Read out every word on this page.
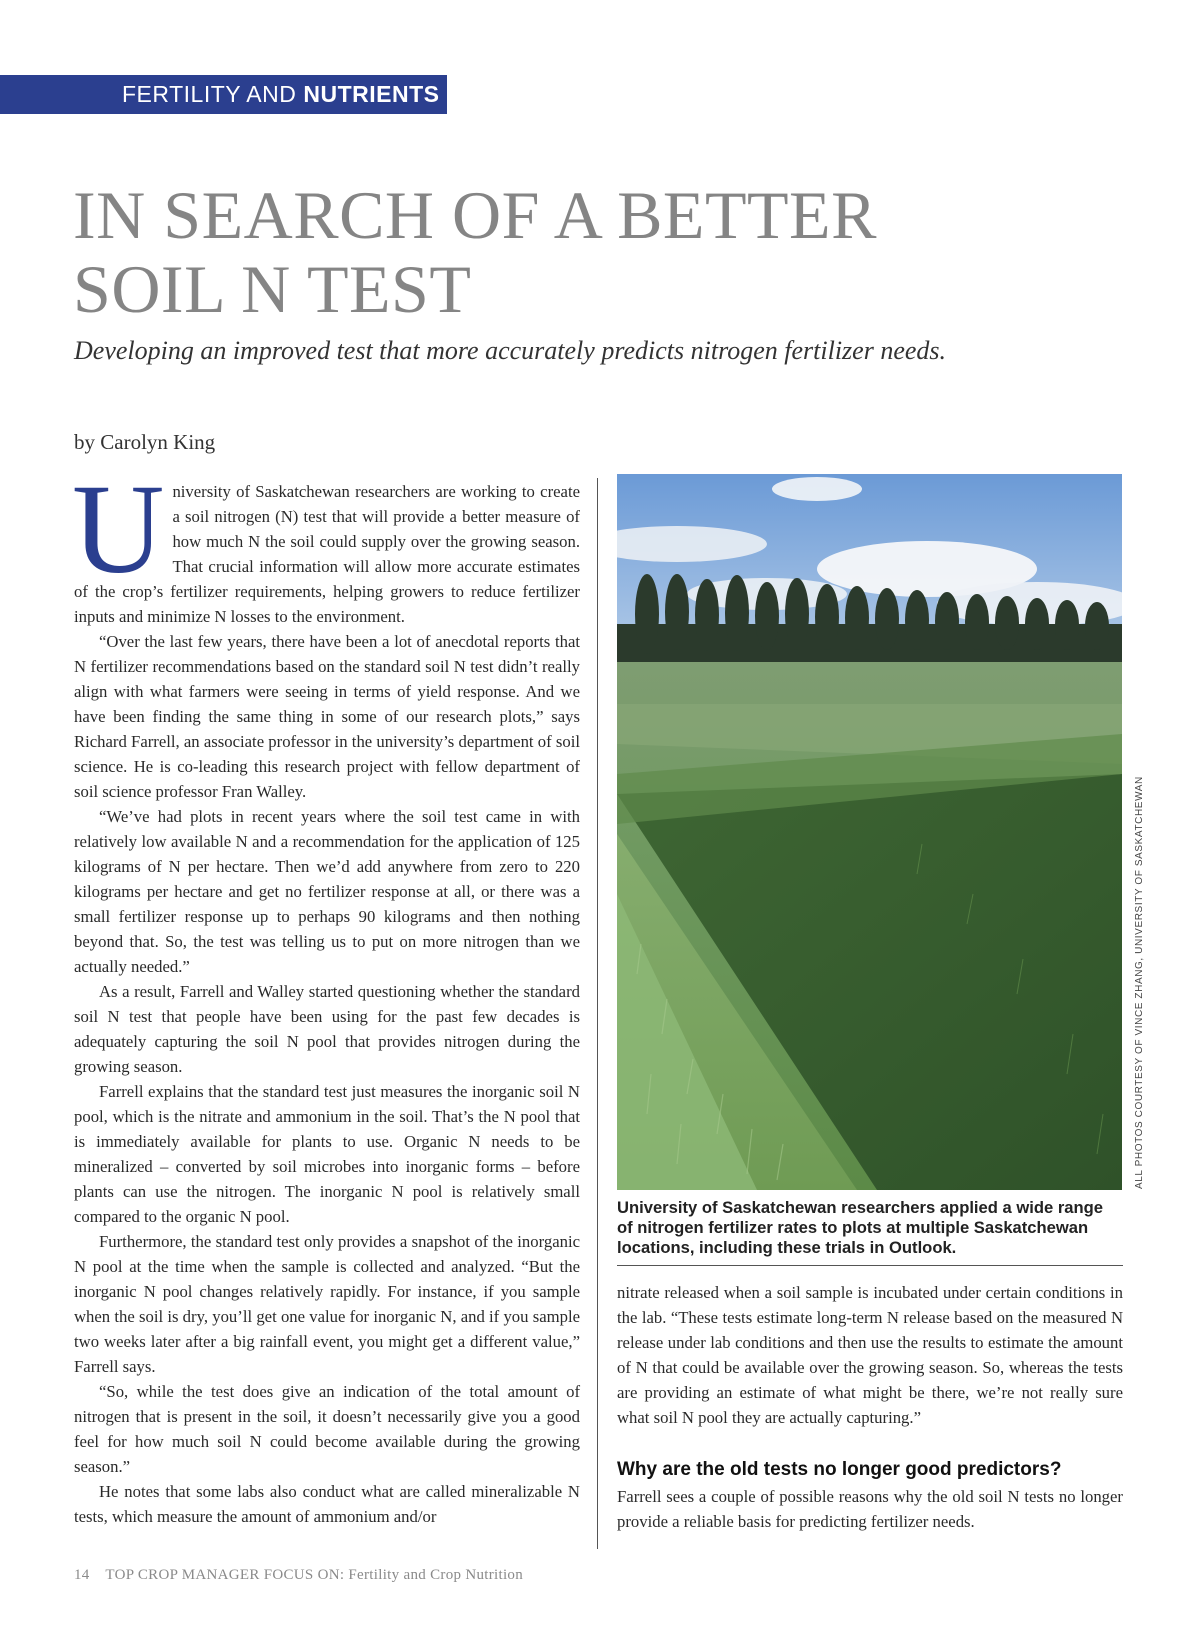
FERTILITY AND NUTRIENTS
IN SEARCH OF A BETTER
SOIL N TEST

Developing an improved test that more accurately predicts nitrogen fertilizer needs.

by Carolyn King

University of Saskatchewan researchers are working to create a soil nitrogen (N) test that will provide a better measure of how much N the soil could supply over the growing season. That crucial information will allow more accurate estimates of the crop’s fertilizer requirements, helping growers to reduce fertilizer inputs and minimize N losses to the environment.

“Over the last few years, there have been a lot of anecdotal reports that N fertilizer recommendations based on the standard soil N test didn’t really align with what farmers were seeing in terms of yield response. And we have been finding the same thing in some of our research plots,” says Richard Farrell, an associate professor in the university’s department of soil science. He is co-leading this research project with fellow department of soil science professor Fran Walley.

“We’ve had plots in recent years where the soil test came in with relatively low available N and a recommendation for the application of 125 kilograms of N per hectare. Then we’d add anywhere from zero to 220 kilograms per hectare and get no fertilizer response at all, or there was a small fertilizer response up to perhaps 90 kilograms and then nothing beyond that. So, the test was telling us to put on more nitrogen than we actually needed.”

As a result, Farrell and Walley started questioning whether the standard soil N test that people have been using for the past few decades is adequately capturing the soil N pool that provides nitrogen during the growing season.

Farrell explains that the standard test just measures the inorganic soil N pool, which is the nitrate and ammonium in the soil. That’s the N pool that is immediately available for plants to use. Organic N needs to be mineralized – converted by soil microbes into inorganic forms – before plants can use the nitrogen. The inorganic N pool is relatively small compared to the organic N pool.

Furthermore, the standard test only provides a snapshot of the inorganic N pool at the time when the sample is collected and analyzed. “But the inorganic N pool changes relatively rapidly. For instance, if you sample when the soil is dry, you’ll get one value for inorganic N, and if you sample two weeks later after a big rainfall event, you might get a different value,” Farrell says.

“So, while the test does give an indication of the total amount of nitrogen that is present in the soil, it doesn’t necessarily give you a good feel for how much soil N could become available during the growing season.”

He notes that some labs also conduct what are called mineralizable N tests, which measure the amount of ammonium and/or

ALL PHOTOS COURTESY OF VINCE ZHANG, UNIVERSITY OF SASKATCHEWAN

University of Saskatchewan researchers applied a wide range of nitrogen fertilizer rates to plots at multiple Saskatchewan locations, including these trials in Outlook.

nitrate released when a soil sample is incubated under certain conditions in the lab. “These tests estimate long-term N release based on the measured N release under lab conditions and then use the results to estimate the amount of N that could be available over the growing season. So, whereas the tests are providing an estimate of what might be there, we’re not really sure what soil N pool they are actually capturing.”

Why are the old tests no longer good predictors?

Farrell sees a couple of possible reasons why the old soil N tests no longer provide a reliable basis for predicting fertilizer needs.

14 TOP CROP MANAGER FOCUS ON: Fertility and Crop Nutrition
